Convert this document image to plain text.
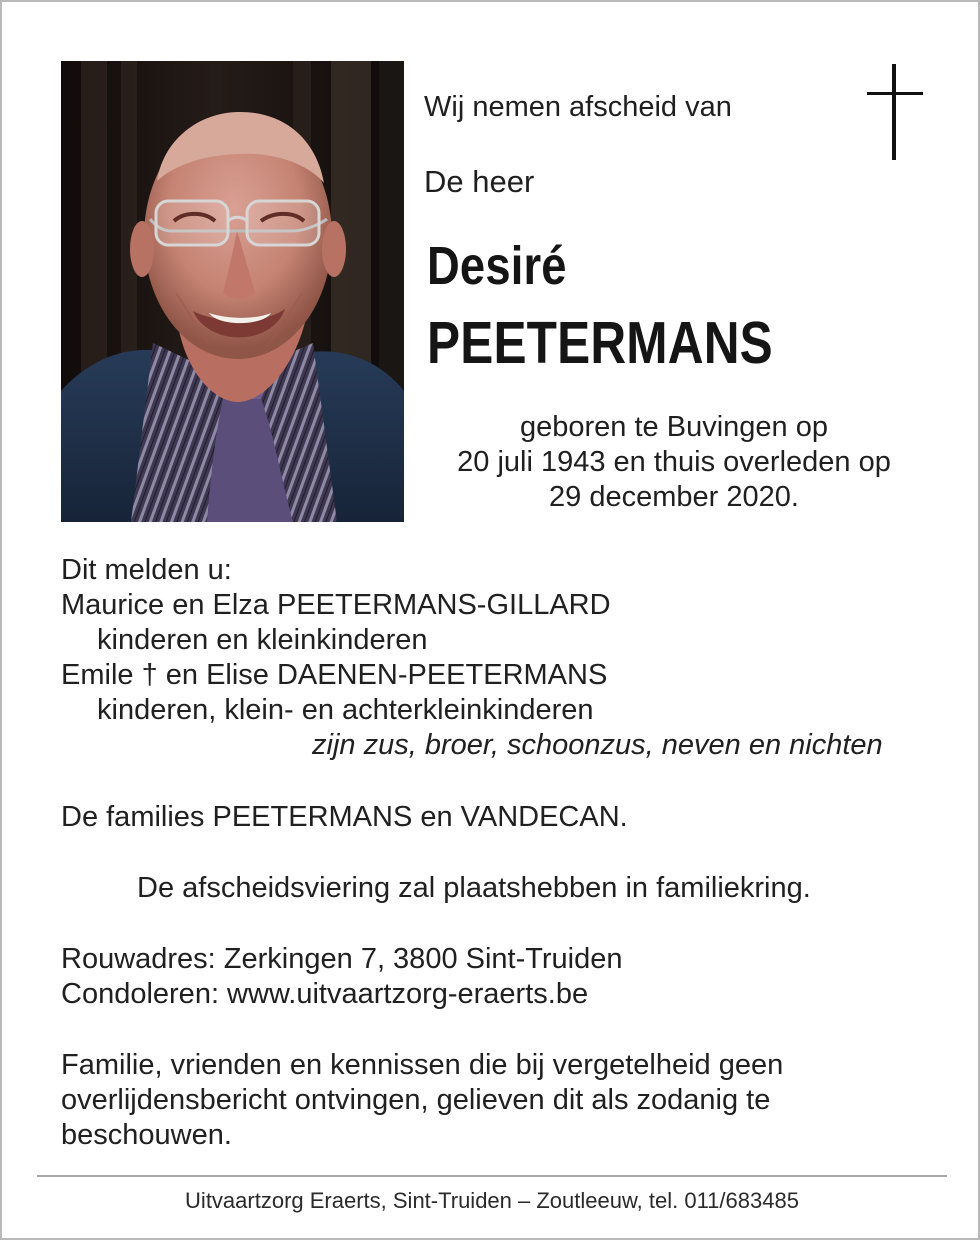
Wij nemen afscheid van
De heer
Desiré
PEETERMANS
geboren te Buvingen op
20 juli 1943 en thuis overleden op
29 december 2020.
Dit melden u:
Maurice en Elza PEETERMANS-GILLARD
kinderen en kleinkinderen
Emile † en Elise DAENEN-PEETERMANS
kinderen, klein- en achterkleinkinderen
zijn zus, broer, schoonzus, neven en nichten
De families PEETERMANS en VANDECAN.
De afscheidsviering zal plaatshebben in familiekring.
Rouwadres: Zerkingen 7, 3800 Sint-Truiden
Condoleren: www.uitvaartzorg-eraerts.be
Familie, vrienden en kennissen die bij vergetelheid geen
overlijdensbericht ontvingen, gelieven dit als zodanig te
beschouwen.
Uitvaartzorg Eraerts, Sint-Truiden – Zoutleeuw, tel. 011/683485
